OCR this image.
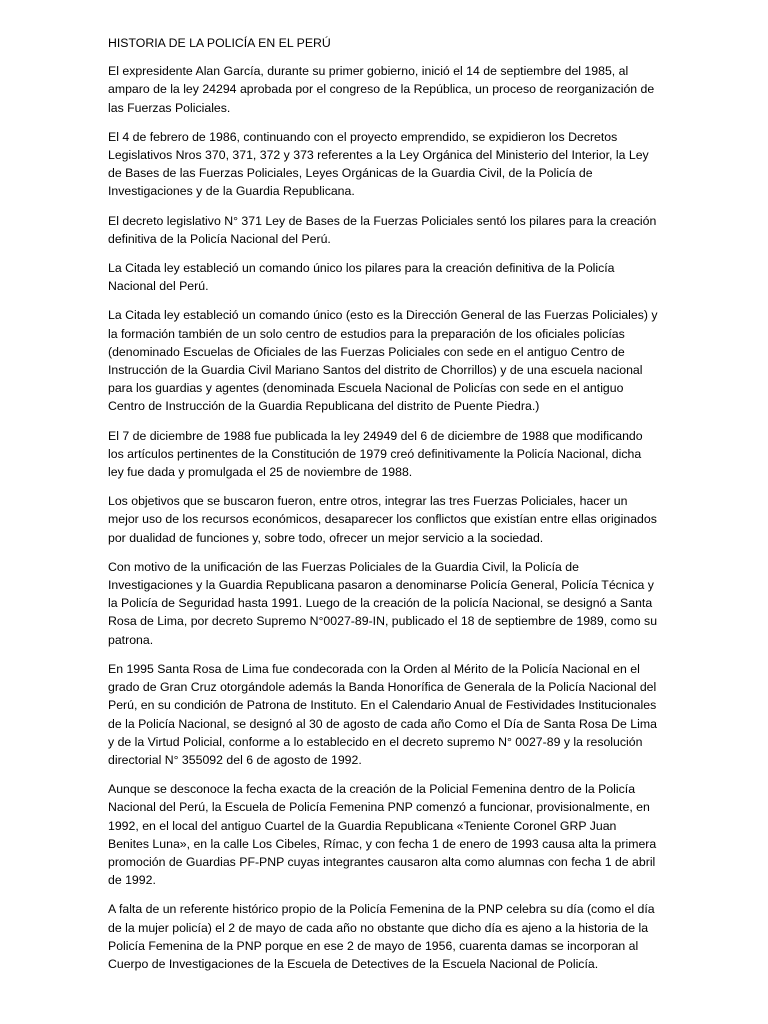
HISTORIA DE LA POLICÍA EN EL PERÚ

El expresidente Alan García, durante su primer gobierno, inició el 14 de septiembre del 1985, al amparo de la ley 24294 aprobada por el congreso de la República, un proceso de reorganización de las Fuerzas Policiales.

El 4 de febrero de 1986, continuando con el proyecto emprendido, se expidieron los Decretos Legislativos Nros 370, 371, 372 y 373 referentes a la Ley Orgánica del Ministerio del Interior, la Ley de Bases de las Fuerzas Policiales, Leyes Orgánicas de la Guardia Civil, de la Policía de Investigaciones y de la Guardia Republicana.

El decreto legislativo N° 371 Ley de Bases de la Fuerzas Policiales sentó los pilares para la creación definitiva de la Policía Nacional del Perú.

La Citada ley estableció un comando único los pilares para la creación definitiva de la Policía Nacional del Perú.

La Citada ley estableció un comando único (esto es la Dirección General de las Fuerzas Policiales) y la formación también de un solo centro de estudios para la preparación de los oficiales policías (denominado Escuelas de Oficiales de las Fuerzas Policiales con sede en el antiguo Centro de Instrucción de la Guardia Civil Mariano Santos del distrito de Chorrillos) y de una escuela nacional para los guardias y agentes (denominada Escuela Nacional de Policías con sede en el antiguo Centro de Instrucción de la Guardia Republicana del distrito de Puente Piedra.)

El 7 de diciembre de 1988 fue publicada la ley 24949 del 6 de diciembre de 1988 que modificando los artículos pertinentes de la Constitución de 1979 creó definitivamente la Policía Nacional, dicha ley fue dada y promulgada el 25 de noviembre de 1988.

Los objetivos que se buscaron fueron, entre otros, integrar las tres Fuerzas Policiales, hacer un mejor uso de los recursos económicos, desaparecer los conflictos que existían entre ellas originados por dualidad de funciones y, sobre todo, ofrecer un mejor servicio a la sociedad.

Con motivo de la unificación de las Fuerzas Policiales de la Guardia Civil, la Policía de Investigaciones y la Guardia Republicana pasaron a denominarse Policía General, Policía Técnica y la Policía de Seguridad hasta 1991. Luego de la creación de la policía Nacional, se designó a Santa Rosa de Lima, por decreto Supremo N°0027-89-IN, publicado el 18 de septiembre de 1989, como su patrona.

En 1995 Santa Rosa de Lima fue condecorada con la Orden al Mérito de la Policía Nacional en el grado de Gran Cruz otorgándole además la Banda Honorífica de Generala de la Policía Nacional del Perú, en su condición de Patrona de Instituto. En el Calendario Anual de Festividades Institucionales de la Policía Nacional, se designó al 30 de agosto de cada año Como el Día de Santa Rosa De Lima y de la Virtud Policial, conforme a lo establecido en el decreto supremo N° 0027-89 y la resolución directorial N° 355092 del 6 de agosto de 1992.

Aunque se desconoce la fecha exacta de la creación de la Policial Femenina dentro de la Policía Nacional del Perú, la Escuela de Policía Femenina PNP comenzó a funcionar, provisionalmente, en 1992, en el local del antiguo Cuartel de la Guardia Republicana «Teniente Coronel GRP Juan Benites Luna», en la calle Los Cibeles, Rímac, y con fecha 1 de enero de 1993 causa alta la primera promoción de Guardias PF-PNP cuyas integrantes causaron alta como alumnas con fecha 1 de abril de 1992.

A falta de un referente histórico propio de la Policía Femenina de la PNP celebra su día (como el día de la mujer policía) el 2 de mayo de cada año no obstante que dicho día es ajeno a la historia de la Policía Femenina de la PNP porque en ese 2 de mayo de 1956, cuarenta damas se incorporan al Cuerpo de Investigaciones de la Escuela de Detectives de la Escuela Nacional de Policía.
